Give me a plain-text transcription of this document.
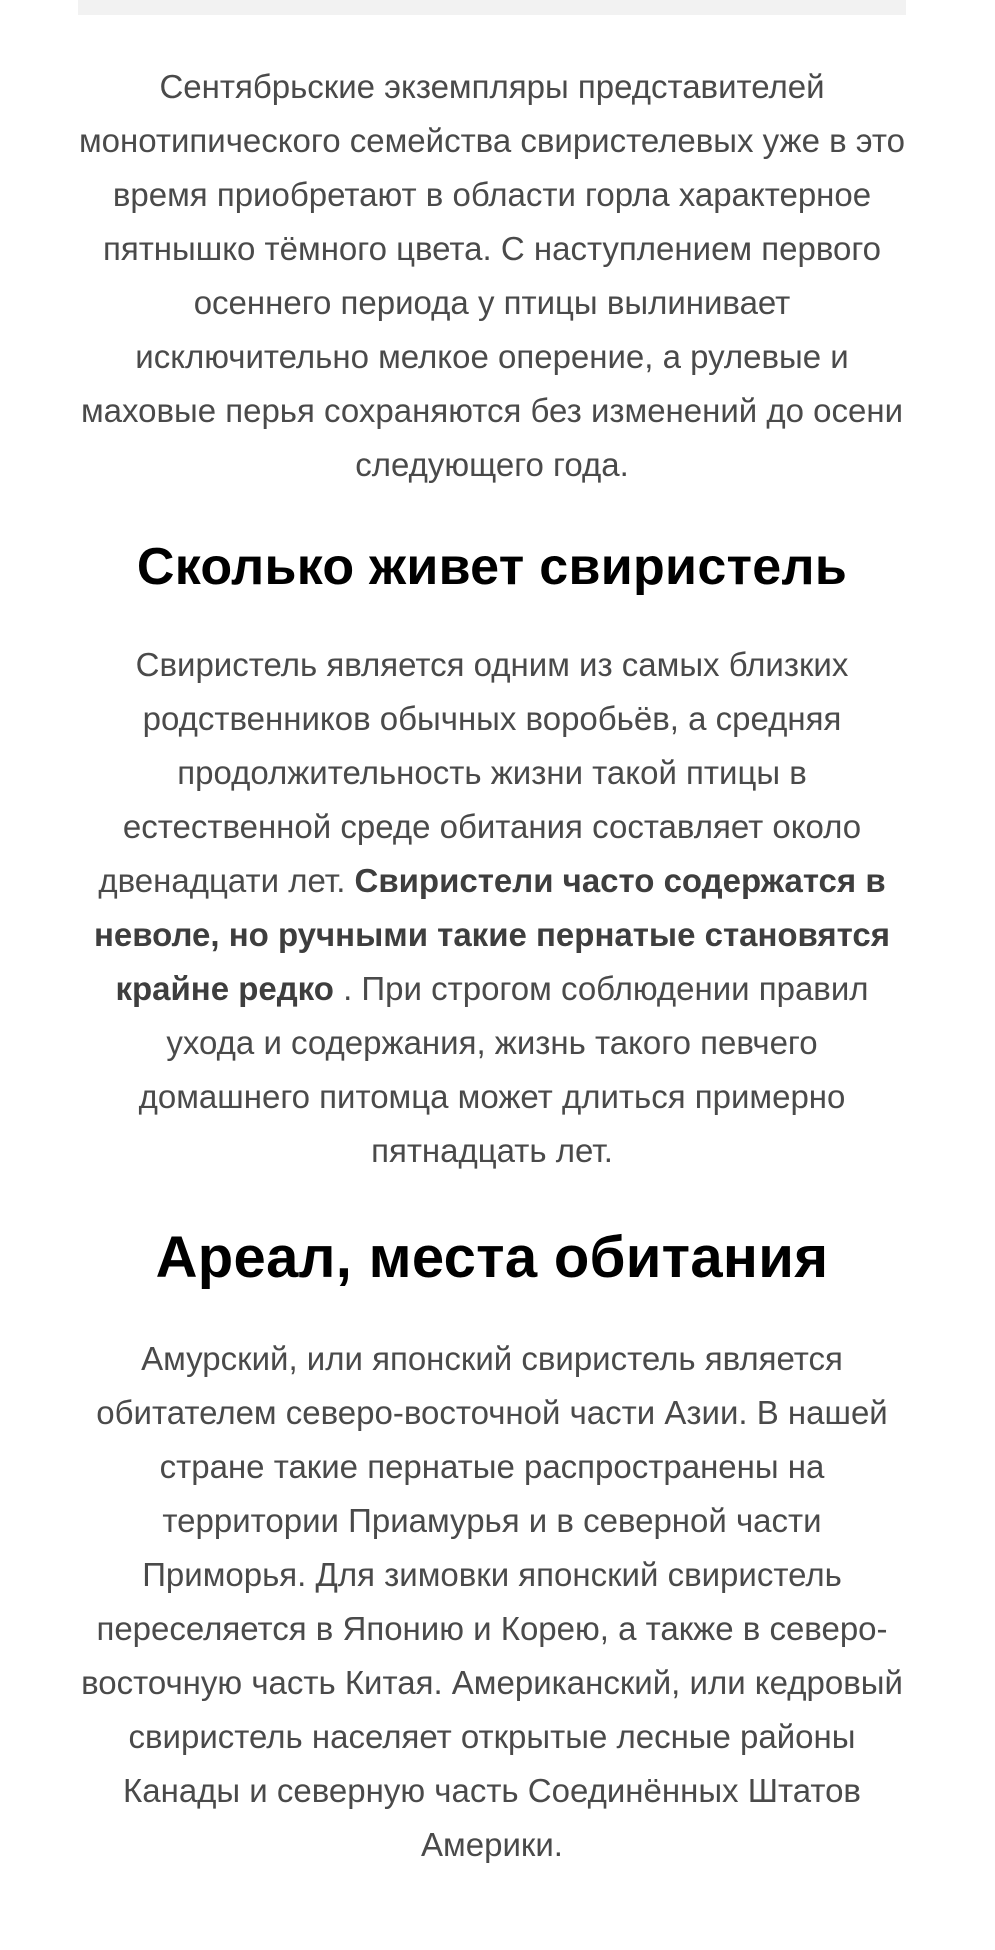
Сентябрьские экземпляры представителей монотипического семейства свиристелевых уже в это время приобретают в области горла характерное пятнышко тёмного цвета. С наступлением первого осеннего периода у птицы вылинивает исключительно мелкое оперение, а рулевые и маховые перья сохраняются без изменений до осени следующего года.

Сколько живет свиристель

Свиристель является одним из самых близких родственников обычных воробьёв, а средняя продолжительность жизни такой птицы в естественной среде обитания составляет около двенадцати лет. Свиристели часто содержатся в неволе, но ручными такие пернатые становятся крайне редко . При строгом соблюдении правил ухода и содержания, жизнь такого певчего домашнего питомца может длиться примерно пятнадцать лет.

Ареал, места обитания

Амурский, или японский свиристель является обитателем северо-восточной части Азии. В нашей стране такие пернатые распространены на территории Приамурья и в северной части Приморья. Для зимовки японский свиристель переселяется в Японию и Корею, а также в северо-восточную часть Китая. Американский, или кедровый свиристель населяет открытые лесные районы Канады и северную часть Соединённых Штатов Америки.
